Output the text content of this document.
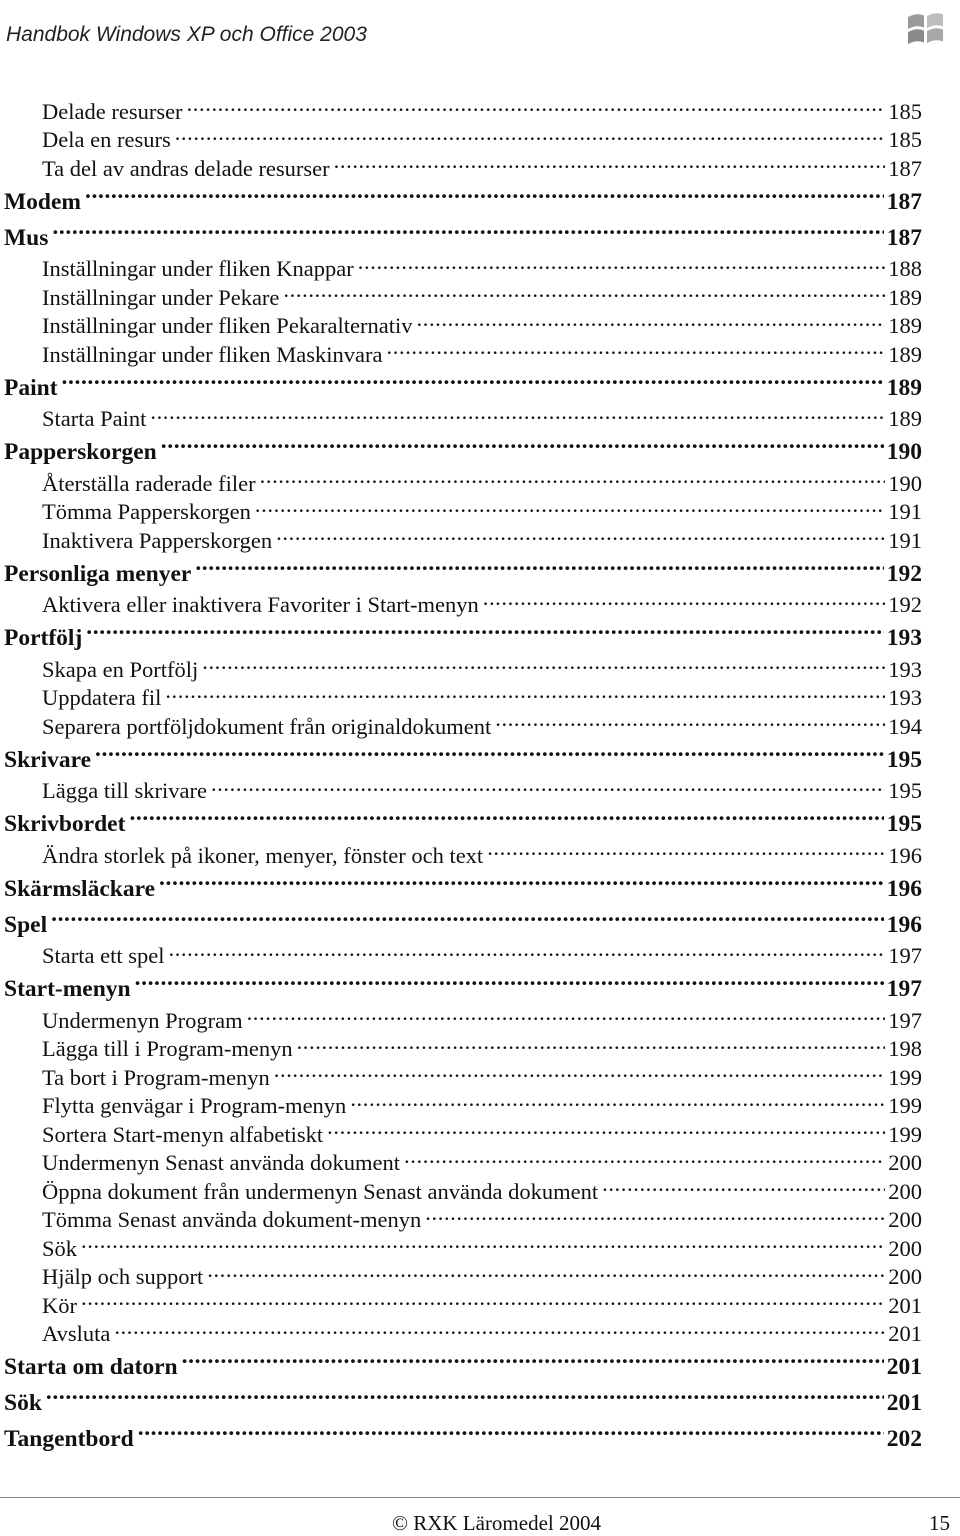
Handbok Windows XP och Office 2003
Delade resurser .....	185
Dela en resurs .....	185
Ta del av andras delade resurser .....	187
Modem .....	187
Mus .....	187
Inställningar under fliken Knappar .....	188
Inställningar under Pekare .....	189
Inställningar under fliken Pekaralternativ .....	189
Inställningar under fliken Maskinvara .....	189
Paint .....	189
Starta Paint .....	189
Papperskorgen .....	190
Återställa raderade filer .....	190
Tömma Papperskorgen .....	191
Inaktivera Papperskorgen .....	191
Personliga menyer .....	192
Aktivera eller inaktivera Favoriter i Start-menyn .....	192
Portfölj .....	193
Skapa en Portfölj .....	193
Uppdatera fil .....	193
Separera portföljdokument från originaldokument .....	194
Skrivare .....	195
Lägga till skrivare .....	195
Skrivbordet .....	195
Ändra storlek på ikoner, menyer, fönster och text .....	196
Skärmsläckare .....	196
Spel .....	196
Starta ett spel .....	197
Start-menyn .....	197
Undermenyn Program .....	197
Lägga till i Program-menyn .....	198
Ta bort i Program-menyn .....	199
Flytta genvägar i Program-menyn .....	199
Sortera Start-menyn alfabetiskt .....	199
Undermenyn Senast använda dokument .....	200
Öppna dokument från undermenyn Senast använda dokument .....	200
Tömma Senast använda dokument-menyn .....	200
Sök .....	200
Hjälp och support .....	200
Kör .....	201
Avsluta .....	201
Starta om datorn .....	201
Sök .....	201
Tangentbord .....	202
© RXK Läromedel 2004	15
